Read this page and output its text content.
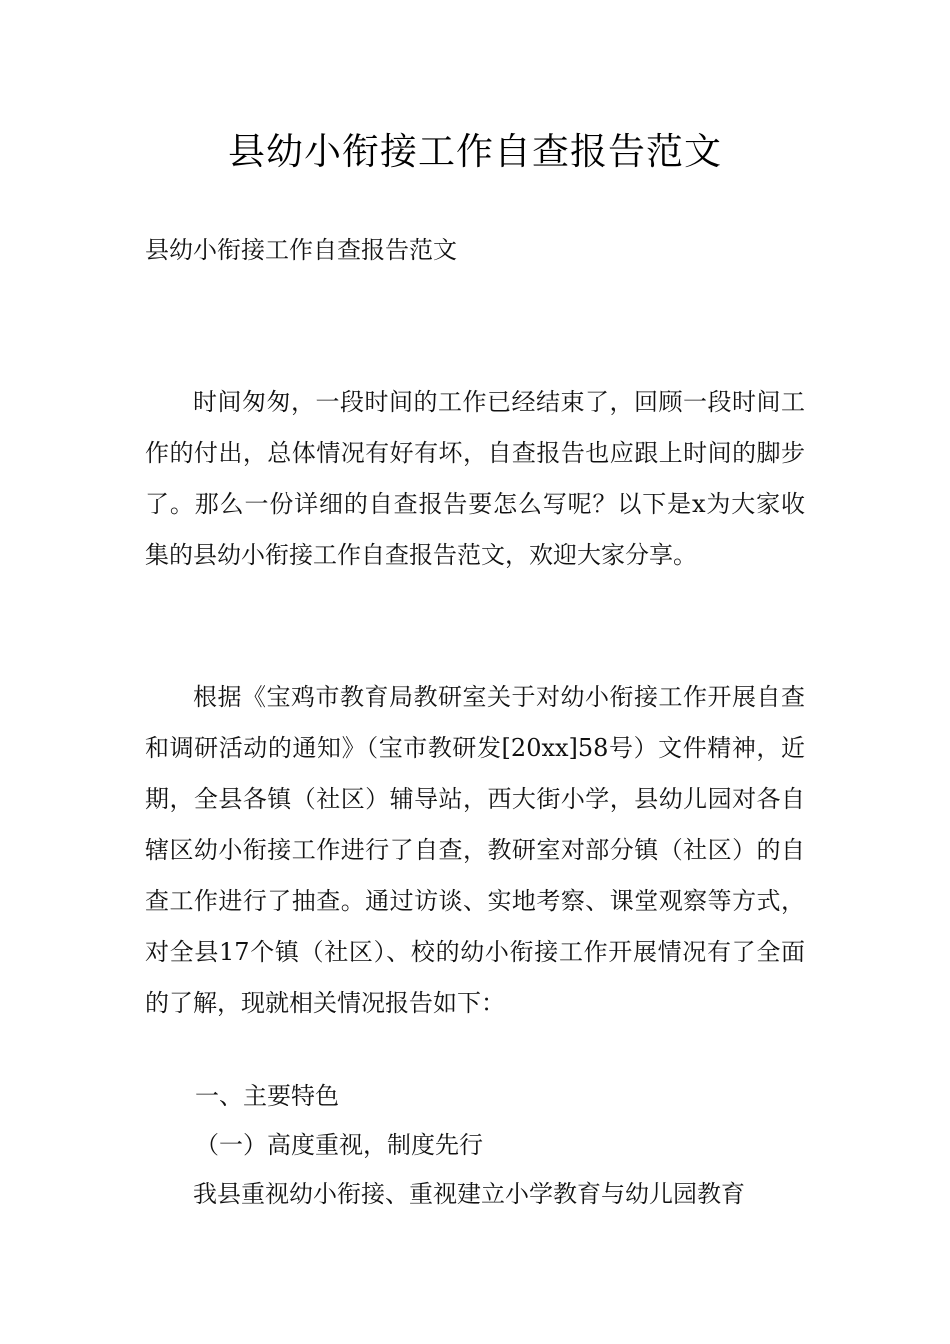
县幼小衔接工作自查报告范文
县幼小衔接工作自查报告范文

时间匆匆，一段时间的工作已经结束了，回顾一段时间工作的付出，总体情况有好有坏，自查报告也应跟上时间的脚步了。那么一份详细的自查报告要怎么写呢？以下是x为大家收集的县幼小衔接工作自查报告范文，欢迎大家分享。

根据《宝鸡市教育局教研室关于对幼小衔接工作开展自查和调研活动的通知》（宝市教研发[20xx]58号）文件精神，近期，全县各镇（社区）辅导站，西大街小学，县幼儿园对各自辖区幼小衔接工作进行了自查，教研室对部分镇（社区）的自查工作进行了抽查。通过访谈、实地考察、课堂观察等方式，对全县17个镇（社区）、校的幼小衔接工作开展情况有了全面的了解，现就相关情况报告如下：

一、主要特色
（一）高度重视，制度先行

我县重视幼小衔接、重视建立小学教育与幼儿园教育
